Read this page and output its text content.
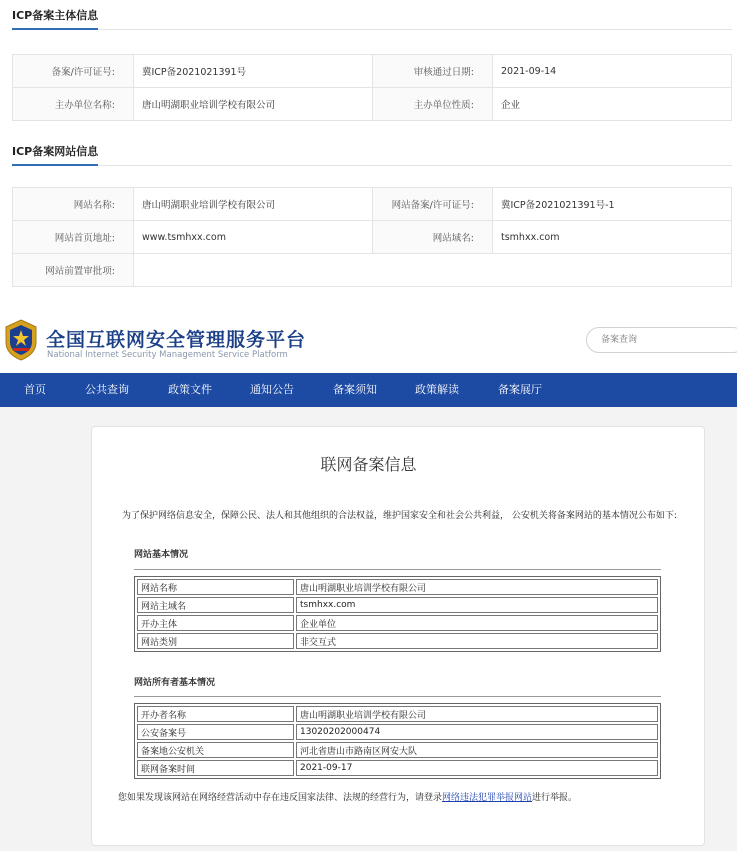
ICP备案主体信息
备案/许可证号:	冀ICP备2021021391号	审核通过日期:	2021-09-14
主办单位名称:	唐山明湖职业培训学校有限公司	主办单位性质:	企业
ICP备案网站信息
网站名称:	唐山明湖职业培训学校有限公司	网站备案/许可证号:	冀ICP备2021021391号-1
网站首页地址:	www.tsmhxx.com	网站域名:	tsmhxx.com
网站前置审批项:			
全国互联网安全管理服务平台
National Internet Security Management Service Platform
备案查询
首页	公共查询	政策文件	通知公告	备案须知	政策解读	备案展厅
联网备案信息
为了保护网络信息安全，保障公民、法人和其他组织的合法权益，维护国家安全和社会公共利益， 公安机关将备案网站的基本情况公布如下:
网站基本情况
网站名称	唐山明湖职业培训学校有限公司
网站主域名	tsmhxx.com
开办主体	企业单位
网站类别	非交互式
网站所有者基本情况
开办者名称	唐山明湖职业培训学校有限公司
公安备案号	13020202000474
备案地公安机关	河北省唐山市路南区网安大队
联网备案时间	2021-09-17
您如果发现该网站在网络经营活动中存在违反国家法律、法规的经营行为，请登录网络违法犯罪举报网站进行举报。
